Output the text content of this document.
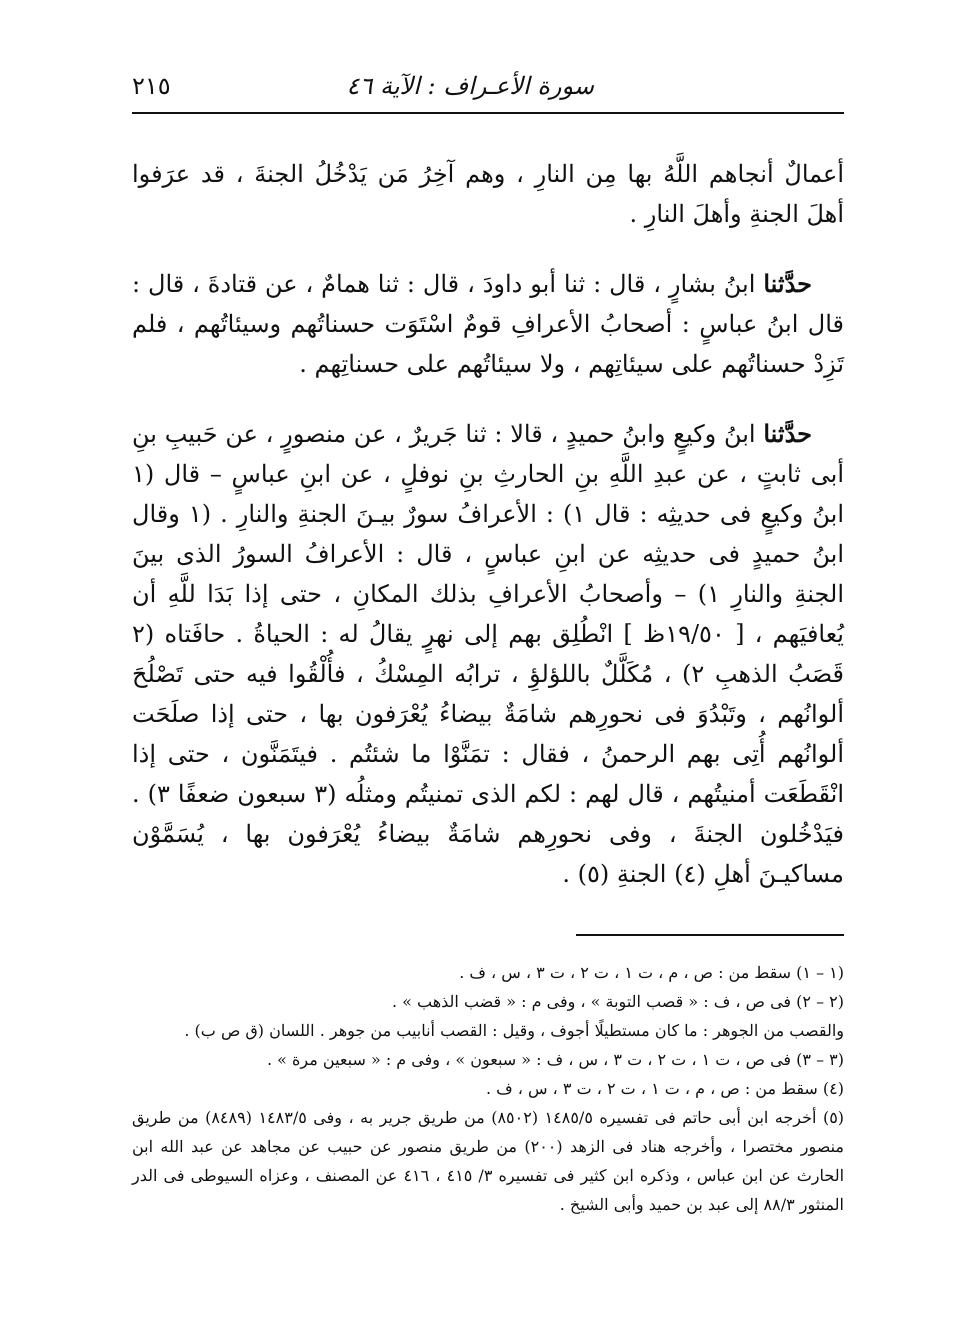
سورة الأعـراف : الآية ٤٦
٢١٥

أعمالٌ أنجاهم اللَّهُ بها مِن النارِ ، وهم آخِرُ مَن يَدْخُلُ الجنةَ ، قد عرَفوا أهلَ الجنةِ وأهلَ النارِ .

حدَّثنا ابنُ بشارٍ ، قال : ثنا أبو داودَ ، قال : ثنا همامٌ ، عن قتادةَ ، قال : قال ابنُ عباسٍ : أصحابُ الأعرافِ قومٌ اسْتَوَت حسناتُهم وسيئاتُهم ، فلم تَزِدْ حسناتُهم على سيئاتِهم ، ولا سيئاتُهم على حسناتِهم .

حدَّثنا ابنُ وكيعٍ وابنُ حميدٍ ، قالا : ثنا جَريرٌ ، عن منصورٍ ، عن حَبيبِ بنِ أبى ثابتٍ ، عن عبدِ اللَّهِ بنِ الحارثِ بنِ نوفلٍ ، عن ابنِ عباسٍ – قال (١ ابنُ وكيعٍ فى حديثِه : قال ١) : الأعرافُ سورٌ بيـنَ الجنةِ والنارِ . (١ وقال ابنُ حميدٍ فى حديثِه عن ابنِ عباسٍ ، قال : الأعرافُ السورُ الذى بينَ الجنةِ والنارِ ١) – وأصحابُ الأعرافِ بذلك المكانِ ، حتى إذا بَدَا للَّهِ أن يُعافيَهم ، [ ١٩/٥٠ظ ] انْطُلِق بهم إلى نهرٍ يقالُ له : الحياةُ . حافَتاه (٢ قَصَبُ الذهبِ ٢) ، مُكَلَّلٌ باللؤلؤِ ، ترابُه المِسْكُ ، فأُلْقُوا فيه حتى تَصْلُحَ ألوانُهم ، وتَبْدُوَ فى نحورِهم شامَةٌ بيضاءُ يُعْرَفون بها ، حتى إذا صلَحَت ألوانُهم أُتِى بهم الرحمنُ ، فقال : تمَنَّوْا ما شئتُم . فيتَمَنَّون ، حتى إذا انْقَطَعَت أمنيتُهم ، قال لهم : لكم الذى تمنيتُم ومثلُه (٣ سبعون ضعفًا ٣) . فيَدْخُلون الجنةَ ، وفى نحورِهم شامَةٌ بيضاءُ يُعْرَفون بها ، يُسَمَّوْن مساكيـنَ أهلِ (٤) الجنةِ (٥) .

(١ – ١) سقط من : ص ، م ، ت ١ ، ت ٢ ، ت ٣ ، س ، ف .

(٢ – ٢) فى ص ، ف : « قصب التوبة » ، وفى م : « قضب الذهب » .

والقصب من الجوهر : ما كان مستطيلًا أجوف ، وقيل : القصب أنابيب من جوهر . اللسان (ق ص ب) .

(٣ – ٣) فى ص ، ت ١ ، ت ٢ ، ت ٣ ، س ، ف : « سبعون » ، وفى م : « سبعين مرة » .

(٤) سقط من : ص ، م ، ت ١ ، ت ٢ ، ت ٣ ، س ، ف .

(٥) أخرجه ابن أبى حاتم فى تفسيره ١٤٨٥/٥ (٨٥٠٢) من طريق جرير به ، وفى ١٤٨٣/٥ (٨٤٨٩) من طريق منصور مختصرا ، وأخرجه هناد فى الزهد (٢٠٠) من طريق منصور عن حبيب عن مجاهد عن عبد الله ابن الحارث عن ابن عباس ، وذكره ابن كثير فى تفسيره ٣/ ٤١٥ ، ٤١٦ عن المصنف ، وعزاه السيوطى فى الدر المنثور ٨٨/٣ إلى عبد بن حميد وأبى الشيخ .
